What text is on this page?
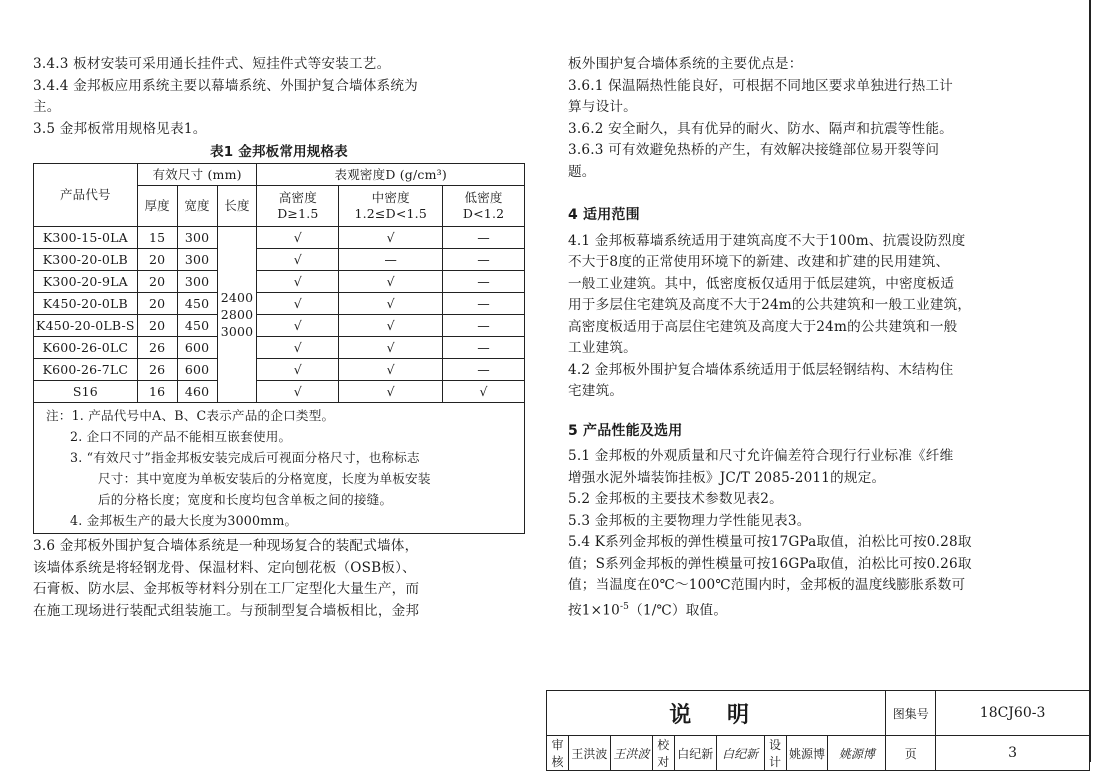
3.4.3 板材安装可采用通长挂件式、短挂件式等安装工艺。

3.4.4 金邦板应用系统主要以幕墙系统、外围护复合墙体系统为
主。

3.5 金邦板常用规格见表1。

表1 金邦板常用规格表
产品代号	有效尺寸 (mm)			表观密度D (g/cm³)		
	厚度	宽度	长度	高密度
D≥1.5	中密度
1.2≤D<1.5	低密度
D<1.2
K300-15-0LA	15	300	2400
2800
3000	√	√	—
K300-20-0LB	20	300		√	—	—
K300-20-9LA	20	300		√	√	—
K450-20-0LB	20	450		√	√	—
K450-20-0LB-S	20	450		√	√	—
K600-26-0LC	26	600		√	√	—
K600-26-7LC	26	600		√	√	—
S16	16	460		√	√	√

注：1. 产品代号中A、B、C表示产品的企口类型。

2. 企口不同的产品不能相互嵌套使用。

3. “有效尺寸”指金邦板安装完成后可视面分格尺寸，也称标志
尺寸：其中宽度为单板安装后的分格宽度，长度为单板安装
后的分格长度；宽度和长度均包含单板之间的接缝。

4. 金邦板生产的最大长度为3000mm。

3.6 金邦板外围护复合墙体系统是一种现场复合的装配式墙体，
该墙体系统是将轻钢龙骨、保温材料、定向刨花板（OSB板）、
石膏板、防水层、金邦板等材料分别在工厂定型化大量生产，而
在施工现场进行装配式组装施工。与预制型复合墙板相比，金邦

板外围护复合墙体系统的主要优点是：

3.6.1 保温隔热性能良好，可根据不同地区要求单独进行热工计
算与设计。

3.6.2 安全耐久，具有优异的耐火、防水、隔声和抗震等性能。

3.6.3 可有效避免热桥的产生，有效解决接缝部位易开裂等问
题。

4 适用范围

4.1 金邦板幕墙系统适用于建筑高度不大于100m、抗震设防烈度
不大于8度的正常使用环境下的新建、改建和扩建的民用建筑、
一般工业建筑。其中，低密度板仅适用于低层建筑，中密度板适
用于多层住宅建筑及高度不大于24m的公共建筑和一般工业建筑，
高密度板适用于高层住宅建筑及高度大于24m的公共建筑和一般
工业建筑。

4.2 金邦板外围护复合墙体系统适用于低层轻钢结构、木结构住
宅建筑。

5 产品性能及选用

5.1 金邦板的外观质量和尺寸允许偏差符合现行行业标准《纤维
增强水泥外墙装饰挂板》JC/T 2085-2011的规定。

5.2 金邦板的主要技术参数见表2。

5.3 金邦板的主要物理力学性能见表3。

5.4 K系列金邦板的弹性模量可按17GPa取值，泊松比可按0.28取
值；S系列金邦板的弹性模量可按16GPa取值，泊松比可按0.26取
值；当温度在0℃～100℃范围内时，金邦板的温度线膨胀系数可

按$1\times 10^{-5}(1/℃)$取值。

说 明									图集号	18CJ60-3
审核	王洪波	王洪波	校对	白纪新	白纪新	设计	姚源博	姚源博	页	3
